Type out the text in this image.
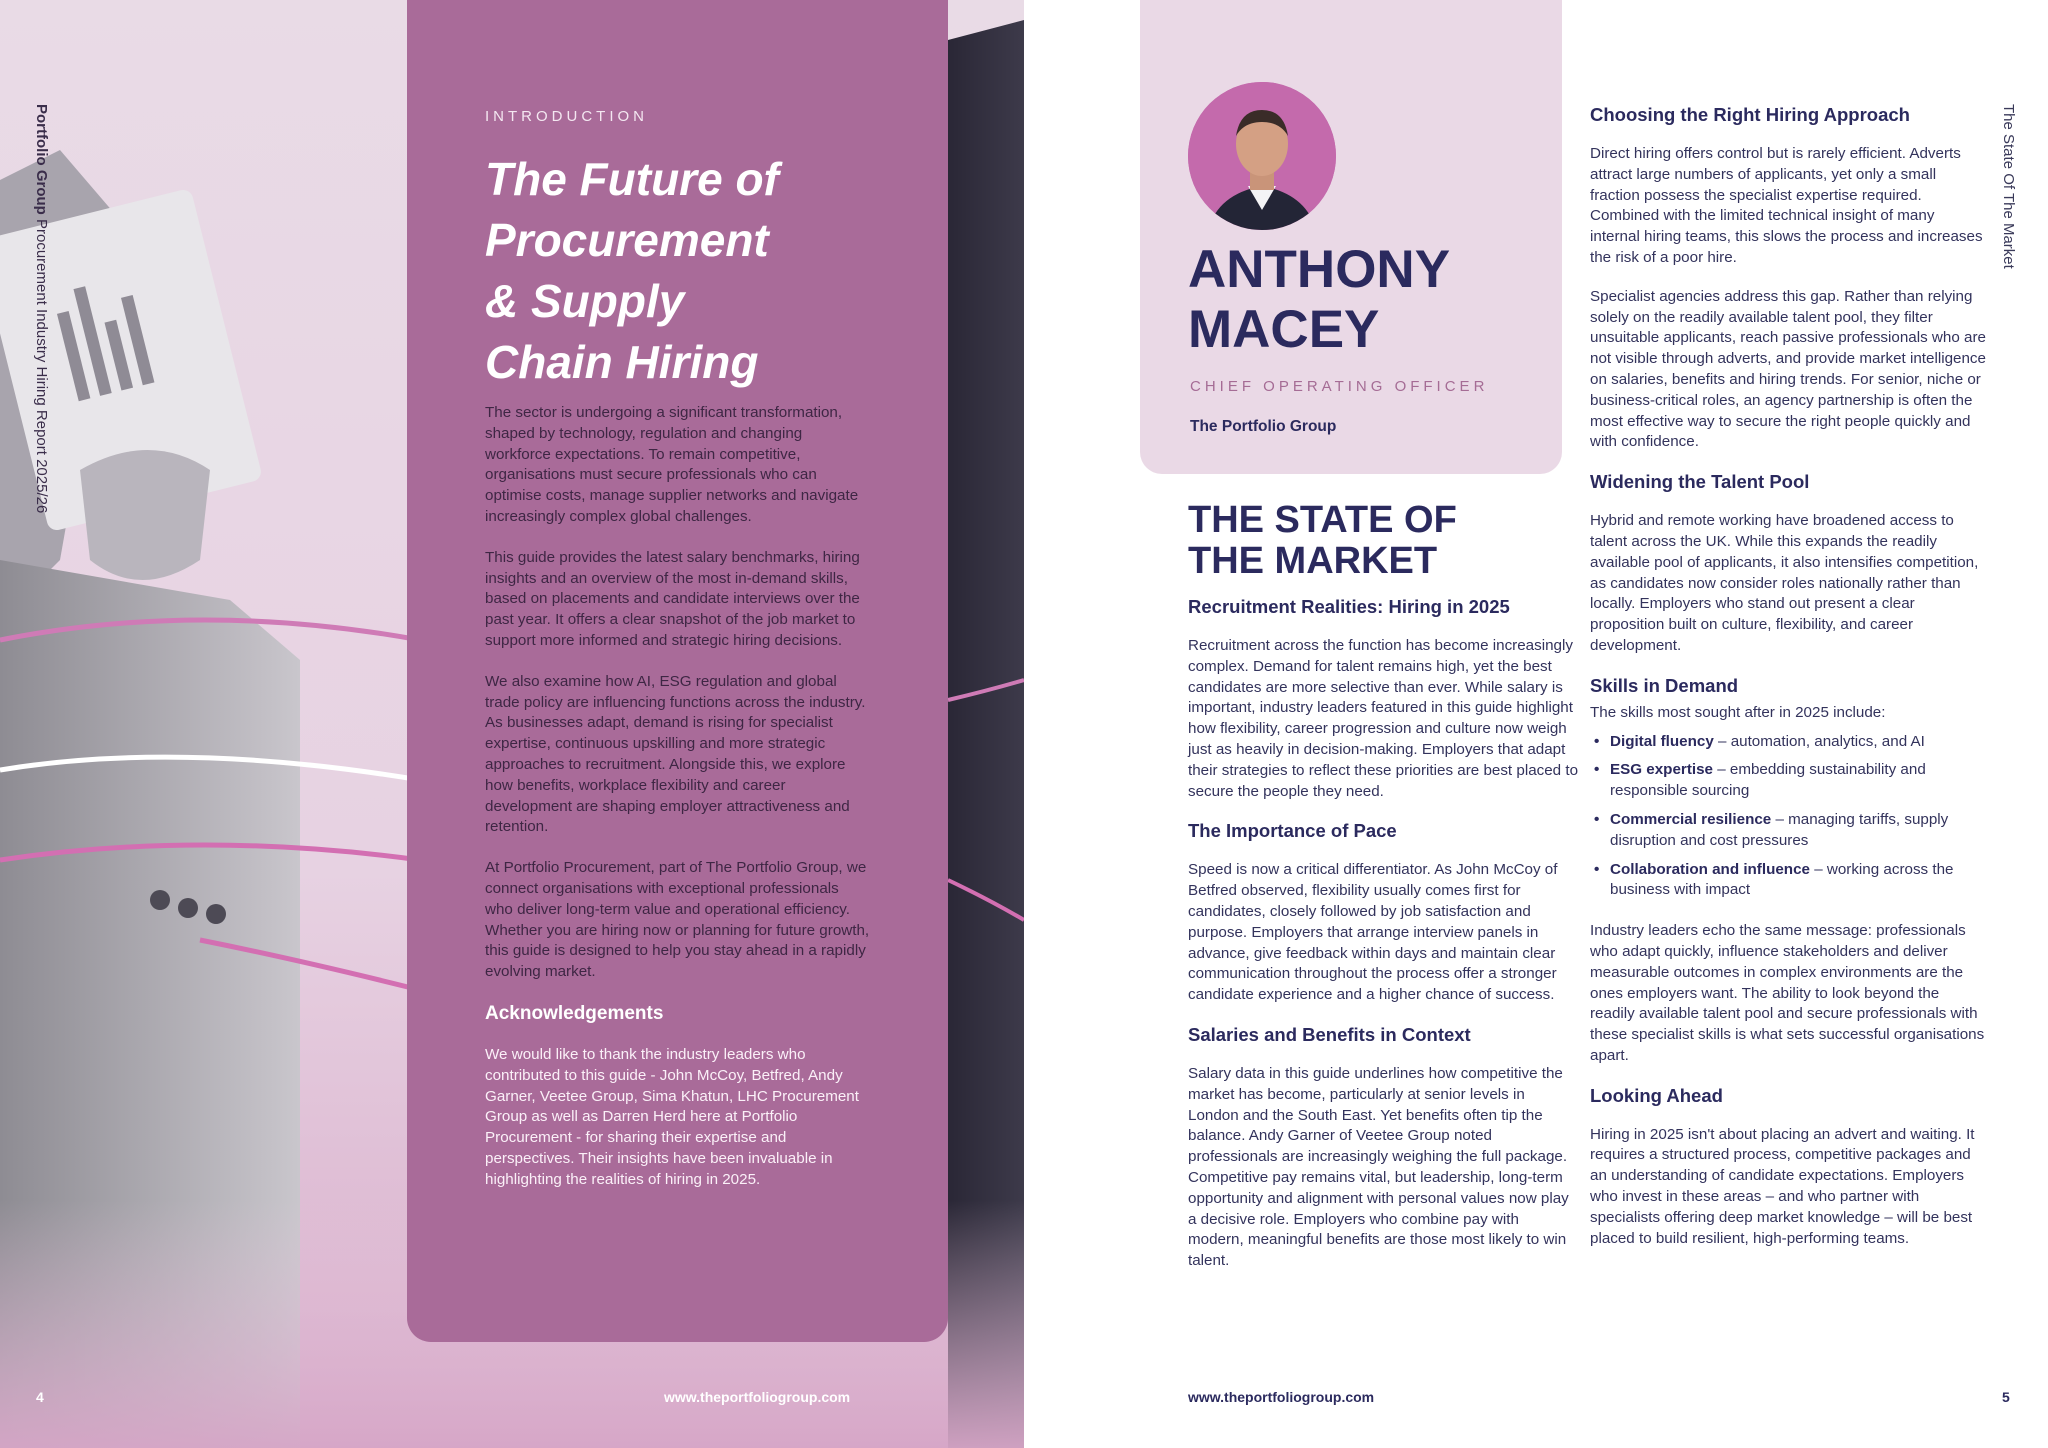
Portfolio Group Procurement Industry Hiring Report 2025/26
INTRODUCTION
The Future of
Procurement
& Supply
Chain Hiring

The sector is undergoing a significant transformation, shaped by technology, regulation and changing workforce expectations. To remain competitive, organisations must secure professionals who can optimise costs, manage supplier networks and navigate increasingly complex global challenges.

This guide provides the latest salary benchmarks, hiring insights and an overview of the most in-demand skills, based on placements and candidate interviews over the past year. It offers a clear snapshot of the job market to support more informed and strategic hiring decisions.

We also examine how AI, ESG regulation and global trade policy are influencing functions across the industry. As businesses adapt, demand is rising for specialist expertise, continuous upskilling and more strategic approaches to recruitment. Alongside this, we explore how benefits, workplace flexibility and career development are shaping employer attractiveness and retention.

At Portfolio Procurement, part of The Portfolio Group, we connect organisations with exceptional professionals who deliver long-term value and operational efficiency. Whether you are hiring now or planning for future growth, this guide is designed to help you stay ahead in a rapidly evolving market.

Acknowledgements

We would like to thank the industry leaders who contributed to this guide - John McCoy, Betfred, Andy Garner, Veetee Group, Sima Khatun, LHC Procurement Group as well as Darren Herd here at Portfolio Procurement - for sharing their expertise and perspectives. Their insights have been invaluable in highlighting the realities of hiring in 2025.

4	www.theportfoliogroup.com
ANTHONY
MACEY
CHIEF OPERATING OFFICER
The Portfolio Group
THE STATE OF
THE MARKET
Recruitment Realities: Hiring in 2025

Recruitment across the function has become increasingly complex. Demand for talent remains high, yet the best candidates are more selective than ever. While salary is important, industry leaders featured in this guide highlight how flexibility, career progression and culture now weigh just as heavily in decision-making. Employers that adapt their strategies to reflect these priorities are best placed to secure the people they need.

The Importance of Pace

Speed is now a critical differentiator. As John McCoy of Betfred observed, flexibility usually comes first for candidates, closely followed by job satisfaction and purpose. Employers that arrange interview panels in advance, give feedback within days and maintain clear communication throughout the process offer a stronger candidate experience and a higher chance of success.

Salaries and Benefits in Context

Salary data in this guide underlines how competitive the market has become, particularly at senior levels in London and the South East. Yet benefits often tip the balance. Andy Garner of Veetee Group noted professionals are increasingly weighing the full package. Competitive pay remains vital, but leadership, long-term opportunity and alignment with personal values now play a decisive role. Employers who combine pay with modern, meaningful benefits are those most likely to win talent.

www.theportfoliogroup.com	5
The State Of The Market
Choosing the Right Hiring Approach

Direct hiring offers control but is rarely efficient. Adverts attract large numbers of applicants, yet only a small fraction possess the specialist expertise required. Combined with the limited technical insight of many internal hiring teams, this slows the process and increases the risk of a poor hire.

Specialist agencies address this gap. Rather than relying solely on the readily available talent pool, they filter unsuitable applicants, reach passive professionals who are not visible through adverts, and provide market intelligence on salaries, benefits and hiring trends. For senior, niche or business-critical roles, an agency partnership is often the most effective way to secure the right people quickly and with confidence.

Widening the Talent Pool

Hybrid and remote working have broadened access to talent across the UK. While this expands the readily available pool of applicants, it also intensifies competition, as candidates now consider roles nationally rather than locally. Employers who stand out present a clear proposition built on culture, flexibility, and career development.

Skills in Demand

The skills most sought after in 2025 include:

• Digital fluency – automation, analytics, and AI
• ESG expertise – embedding sustainability and responsible sourcing
• Commercial resilience – managing tariffs, supply disruption and cost pressures
• Collaboration and influence – working across the business with impact

Industry leaders echo the same message: professionals who adapt quickly, influence stakeholders and deliver measurable outcomes in complex environments are the ones employers want. The ability to look beyond the readily available talent pool and secure professionals with these specialist skills is what sets successful organisations apart.

Looking Ahead

Hiring in 2025 isn't about placing an advert and waiting. It requires a structured process, competitive packages and an understanding of candidate expectations. Employers who invest in these areas – and who partner with specialists offering deep market knowledge – will be best placed to build resilient, high-performing teams.
